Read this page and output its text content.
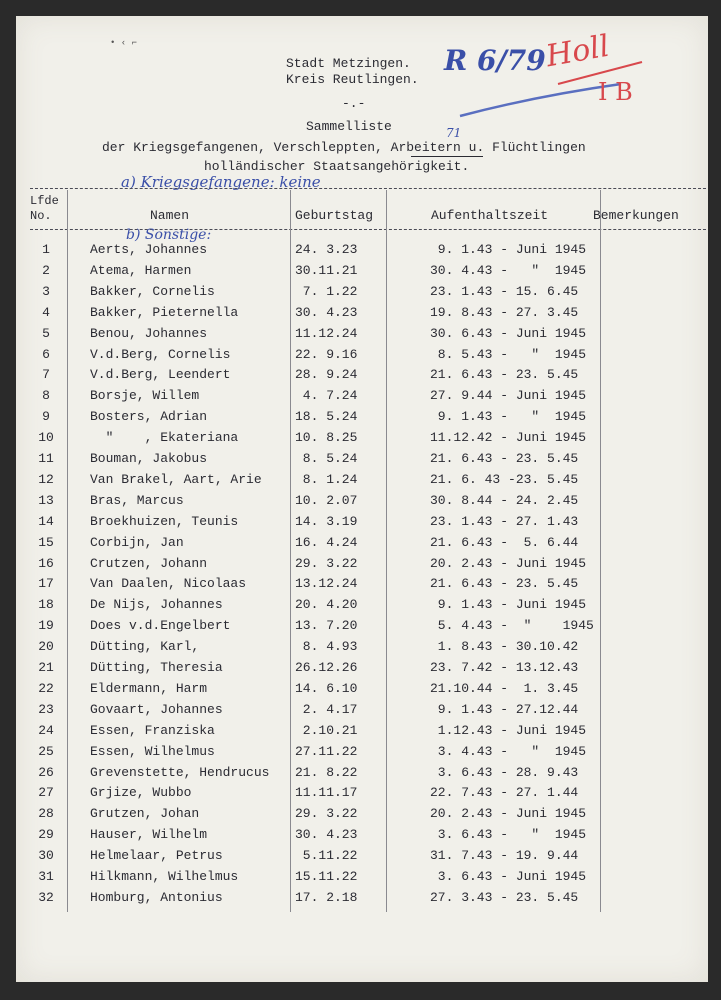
• ‹ ⌐
Stadt Metzingen.
Kreis Reutlingen.
-.-
Sammelliste
der Kriegsgefangenen, Verschleppten, Arbeitern u. Flüchtlingen
holländischer Staatsangehörigkeit.
71
R 6/79
Holl
I B
a) Kriegsgefangene: keine
Lfde
No.	Namen	Geburtstag	Aufenthaltszeit	Bemerkungen
b) Sonstige:
1	Aerts, Johannes	24. 3.23	9. 1.43 - Juni 1945
2	Atema, Harmen	30.11.21	30. 4.43 -   "  1945
3	Bakker, Cornelis	7. 1.22	23. 1.43 - 15. 6.45
4	Bakker, Pieternella	30. 4.23	19. 8.43 - 27. 3.45
5	Benou, Johannes	11.12.24	30. 6.43 - Juni 1945
6	V.d.Berg, Cornelis	22. 9.16	8. 5.43 -   "  1945
7	V.d.Berg, Leendert	28. 9.24	21. 6.43 - 23. 5.45
8	Borsje, Willem	4. 7.24	27. 9.44 - Juni 1945
9	Bosters, Adrian	18. 5.24	9. 1.43 -   "  1945
10	"    , Ekateriana	10. 8.25	11.12.42 - Juni 1945
11	Bouman, Jakobus	8. 5.24	21. 6.43 - 23. 5.45
12	Van Brakel, Aart, Arie	8. 1.24	21. 6. 43 -23. 5.45
13	Bras, Marcus	10. 2.07	30. 8.44 - 24. 2.45
14	Broekhuizen, Teunis	14. 3.19	23. 1.43 - 27. 1.43
15	Corbijn, Jan	16. 4.24	21. 6.43 -  5. 6.44
16	Crutzen, Johann	29. 3.22	20. 2.43 - Juni 1945
17	Van Daalen, Nicolaas	13.12.24	21. 6.43 - 23. 5.45
18	De Nijs, Johannes	20. 4.20	9. 1.43 - Juni 1945
19	Does v.d.Engelbert	13. 7.20	5. 4.43 -  "    1945
20	Dütting, Karl,	8. 4.93	1. 8.43 - 30.10.42
21	Dütting, Theresia	26.12.26	23. 7.42 - 13.12.43
22	Eldermann, Harm	14. 6.10	21.10.44 -  1. 3.45
23	Govaart, Johannes	2. 4.17	9. 1.43 - 27.12.44
24	Essen, Franziska	2.10.21	1.12.43 - Juni 1945
25	Essen, Wilhelmus	27.11.22	3. 4.43 -   "  1945
26	Grevenstette, Hendrucus 21. 8.22	3. 6.43 - 28. 9.43
27	Grjize, Wubbo	11.11.17	22. 7.43 - 27. 1.44
28	Grutzen, Johan	29. 3.22	20. 2.43 - Juni 1945
29	Hauser, Wilhelm	30. 4.23	3. 6.43 -   "  1945
30	Helmelaar, Petrus	5.11.22	31. 7.43 - 19. 9.44
31	Hilkmann, Wilhelmus	15.11.22	3. 6.43 - Juni 1945
32	Homburg, Antonius	17. 2.18	27. 3.43 - 23. 5.45
